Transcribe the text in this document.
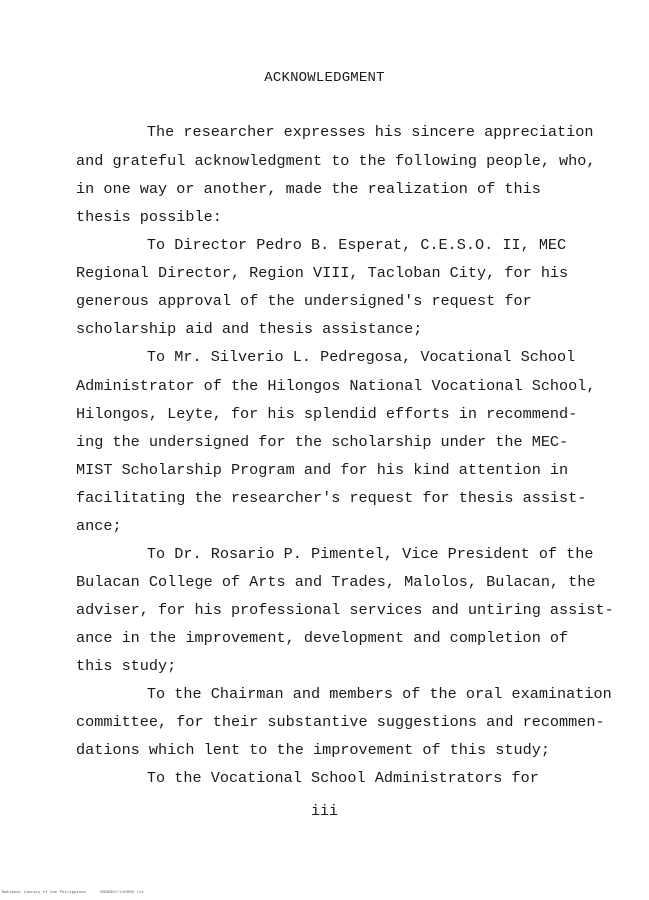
ACKNOWLEDGMENT
The researcher expresses his sincere appreciation
and grateful acknowledgment to the following people, who,
in one way or another, made the realization of this
thesis possible:
To Director Pedro B. Esperat, C.E.S.O. II, MEC
Regional Director, Region VIII, Tacloban City, for his
generous approval of the undersigned's request for
scholarship aid and thesis assistance;
To Mr. Silverio L. Pedregosa, Vocational School
Administrator of the Hilongos National Vocational School,
Hilongos, Leyte, for his splendid efforts in recommend-
ing the undersigned for the scholarship under the MEC-
MIST Scholarship Program and for his kind attention in
facilitating the researcher's request for thesis assist-
ance;
To Dr. Rosario P. Pimentel, Vice President of the
Bulacan College of Arts and Trades, Malolos, Bulacan, the
adviser, for his professional services and untiring assist-
ance in the improvement, development and completion of
this study;
To the Chairman and members of the oral examination
committee, for their substantive suggestions and recommen-
dations which lent to the improvement of this study;
To the Vocational School Administrators for
iii
National Library of the Philippines      RG09397/110000 lit
